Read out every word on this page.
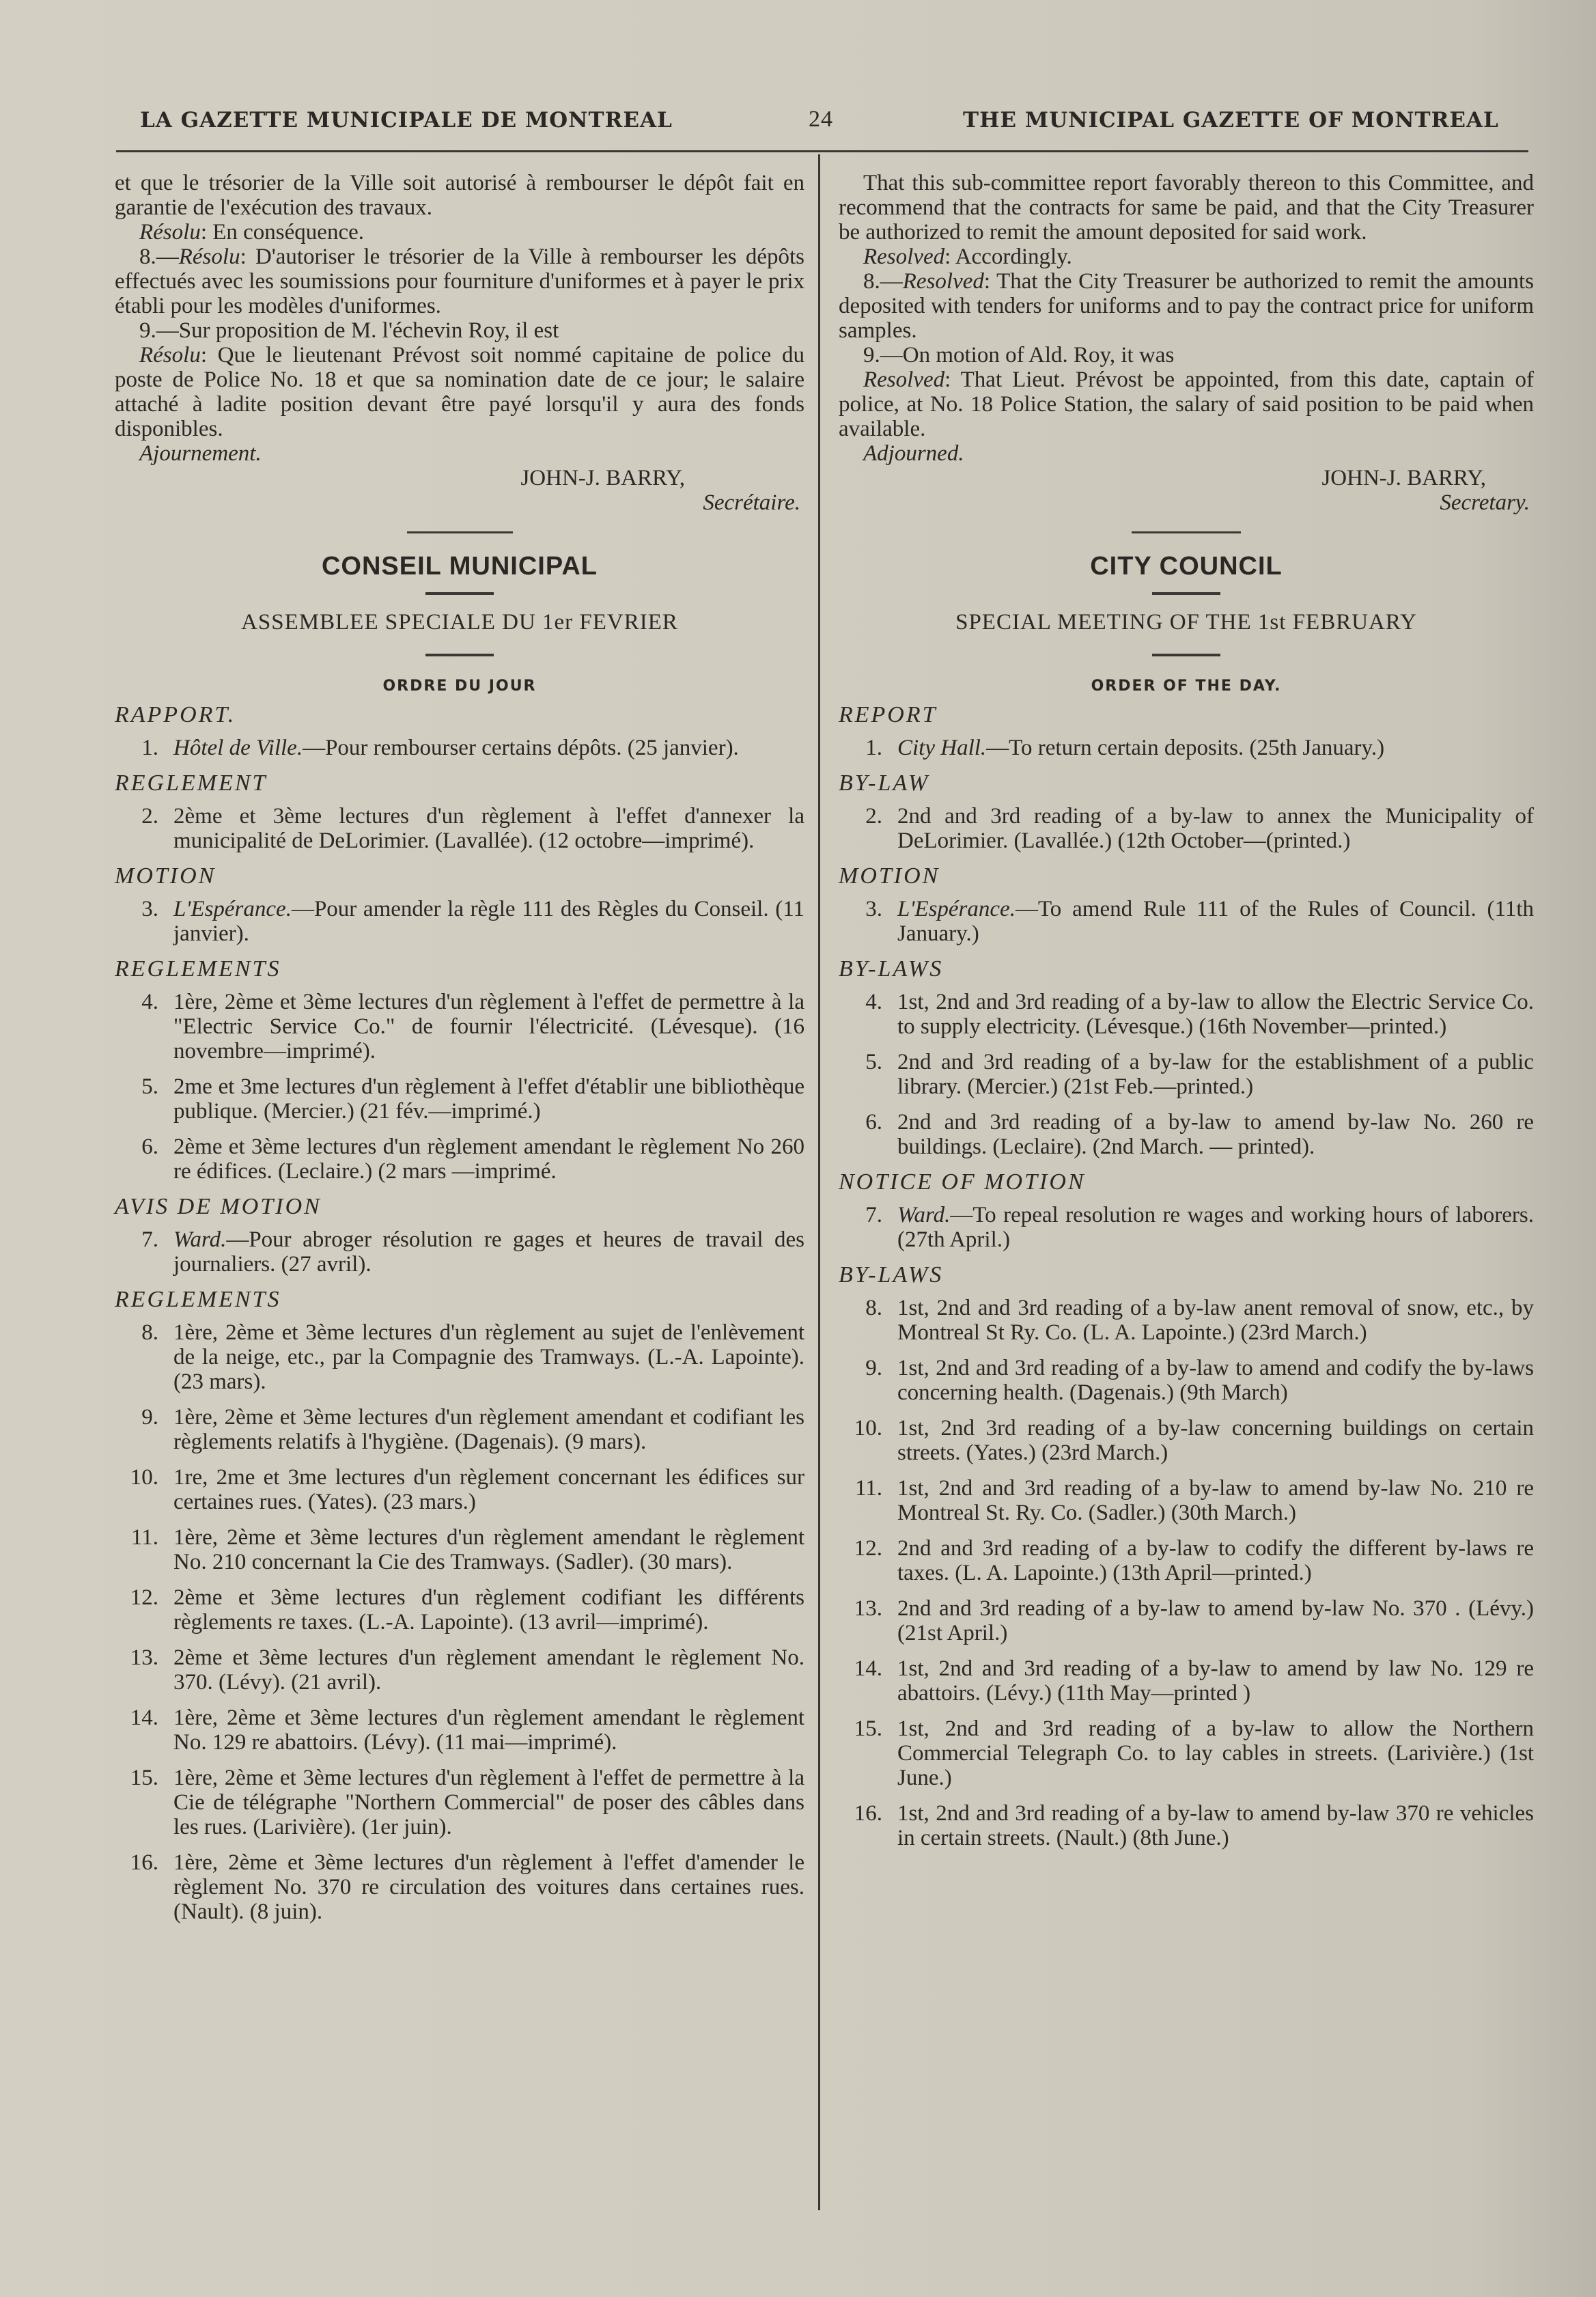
LA GAZETTE MUNICIPALE DE MONTREAL	24	THE MUNICIPAL GAZETTE OF MONTREAL

et que le trésorier de la Ville soit autorisé à rembourser le dépôt fait en garantie de l'exécution des travaux.

Résolu: En conséquence.

8.—Résolu: D'autoriser le trésorier de la Ville à rembourser les dépôts effectués avec les soumissions pour fourniture d'uniformes et à payer le prix établi pour les modèles d'uniformes.

9.—Sur proposition de M. l'échevin Roy, il est

Résolu: Que le lieutenant Prévost soit nommé capitaine de police du poste de Police No. 18 et que sa nomination date de ce jour; le salaire attaché à ladite position devant être payé lorsqu'il y aura des fonds disponibles.

Ajournement.

JOHN-J. BARRY,

Secrétaire.

CONSEIL MUNICIPAL
ASSEMBLEE SPECIALE DU 1er FEVRIER
ORDRE DU JOUR
RAPPORT.
1. Hôtel de Ville.—Pour rembourser certains dépôts. (25 janvier).
REGLEMENT
2. 2ème et 3ème lectures d'un règlement à l'effet d'annexer la municipalité de DeLorimier. (Lavallée). (12 octobre—imprimé).
MOTION
3. L'Espérance.—Pour amender la règle 111 des Règles du Conseil. (11 janvier).
REGLEMENTS
4. 1ère, 2ème et 3ème lectures d'un règlement à l'effet de permettre à la "Electric Service Co." de fournir l'électricité. (Lévesque). (16 novembre—imprimé).
5. 2me et 3me lectures d'un règlement à l'effet d'établir une bibliothèque publique. (Mercier.) (21 fév.—imprimé.)
6. 2ème et 3ème lectures d'un règlement amendant le règlement No 260 re édifices. (Leclaire.) (2 mars —imprimé.
AVIS DE MOTION
7. Ward.—Pour abroger résolution re gages et heures de travail des journaliers. (27 avril).
REGLEMENTS
8. 1ère, 2ème et 3ème lectures d'un règlement au sujet de l'enlèvement de la neige, etc., par la Compagnie des Tramways. (L.-A. Lapointe). (23 mars).
9. 1ère, 2ème et 3ème lectures d'un règlement amendant et codifiant les règlements relatifs à l'hygiène. (Dagenais). (9 mars).
10. 1re, 2me et 3me lectures d'un règlement concernant les édifices sur certaines rues. (Yates). (23 mars.)
11. 1ère, 2ème et 3ème lectures d'un règlement amendant le règlement No. 210 concernant la Cie des Tramways. (Sadler). (30 mars).
12. 2ème et 3ème lectures d'un règlement codifiant les différents règlements re taxes. (L.-A. Lapointe). (13 avril—imprimé).
13. 2ème et 3ème lectures d'un règlement amendant le règlement No. 370. (Lévy). (21 avril).
14. 1ère, 2ème et 3ème lectures d'un règlement amendant le règlement No. 129 re abattoirs. (Lévy). (11 mai—imprimé).
15. 1ère, 2ème et 3ème lectures d'un règlement à l'effet de permettre à la Cie de télégraphe "Northern Commercial" de poser des câbles dans les rues. (Larivière). (1er juin).
16. 1ère, 2ème et 3ème lectures d'un règlement à l'effet d'amender le règlement No. 370 re circulation des voitures dans certaines rues. (Nault). (8 juin).

That this sub-committee report favorably thereon to this Committee, and recommend that the contracts for same be paid, and that the City Treasurer be authorized to remit the amount deposited for said work.

Resolved: Accordingly.

8.—Resolved: That the City Treasurer be authorized to remit the amounts deposited with tenders for uniforms and to pay the contract price for uniform samples.

9.—On motion of Ald. Roy, it was

Resolved: That Lieut. Prévost be appointed, from this date, captain of police, at No. 18 Police Station, the salary of said position to be paid when available.

Adjourned.

JOHN-J. BARRY,

Secretary.

CITY COUNCIL
SPECIAL MEETING OF THE 1st FEBRUARY
ORDER OF THE DAY.
REPORT
1. City Hall.—To return certain deposits. (25th January.)
BY-LAW
2. 2nd and 3rd reading of a by-law to annex the Municipality of DeLorimier. (Lavallée.) (12th October—(printed.)
MOTION
3. L'Espérance.—To amend Rule 111 of the Rules of Council. (11th January.)
BY-LAWS
4. 1st, 2nd and 3rd reading of a by-law to allow the Electric Service Co. to supply electricity. (Lévesque.) (16th November—printed.)
5. 2nd and 3rd reading of a by-law for the establishment of a public library. (Mercier.) (21st Feb.—printed.)
6. 2nd and 3rd reading of a by-law to amend by-law No. 260 re buildings. (Leclaire). (2nd March. — printed).
NOTICE OF MOTION
7. Ward.—To repeal resolution re wages and working hours of laborers. (27th April.)
BY-LAWS
8. 1st, 2nd and 3rd reading of a by-law anent removal of snow, etc., by Montreal St Ry. Co. (L. A. Lapointe.) (23rd March.)
9. 1st, 2nd and 3rd reading of a by-law to amend and codify the by-laws concerning health. (Dagenais.) (9th March)
10. 1st, 2nd 3rd reading of a by-law concerning buildings on certain streets. (Yates.) (23rd March.)
11. 1st, 2nd and 3rd reading of a by-law to amend by-law No. 210 re Montreal St. Ry. Co. (Sadler.) (30th March.)
12. 2nd and 3rd reading of a by-law to codify the different by-laws re taxes. (L. A. Lapointe.) (13th April—printed.)
13. 2nd and 3rd reading of a by-law to amend by-law No. 370 . (Lévy.) (21st April.)
14. 1st, 2nd and 3rd reading of a by-law to amend by law No. 129 re abattoirs. (Lévy.) (11th May—printed )
15. 1st, 2nd and 3rd reading of a by-law to allow the Northern Commercial Telegraph Co. to lay cables in streets. (Larivière.) (1st June.)
16. 1st, 2nd and 3rd reading of a by-law to amend by-law 370 re vehicles in certain streets. (Nault.) (8th June.)
